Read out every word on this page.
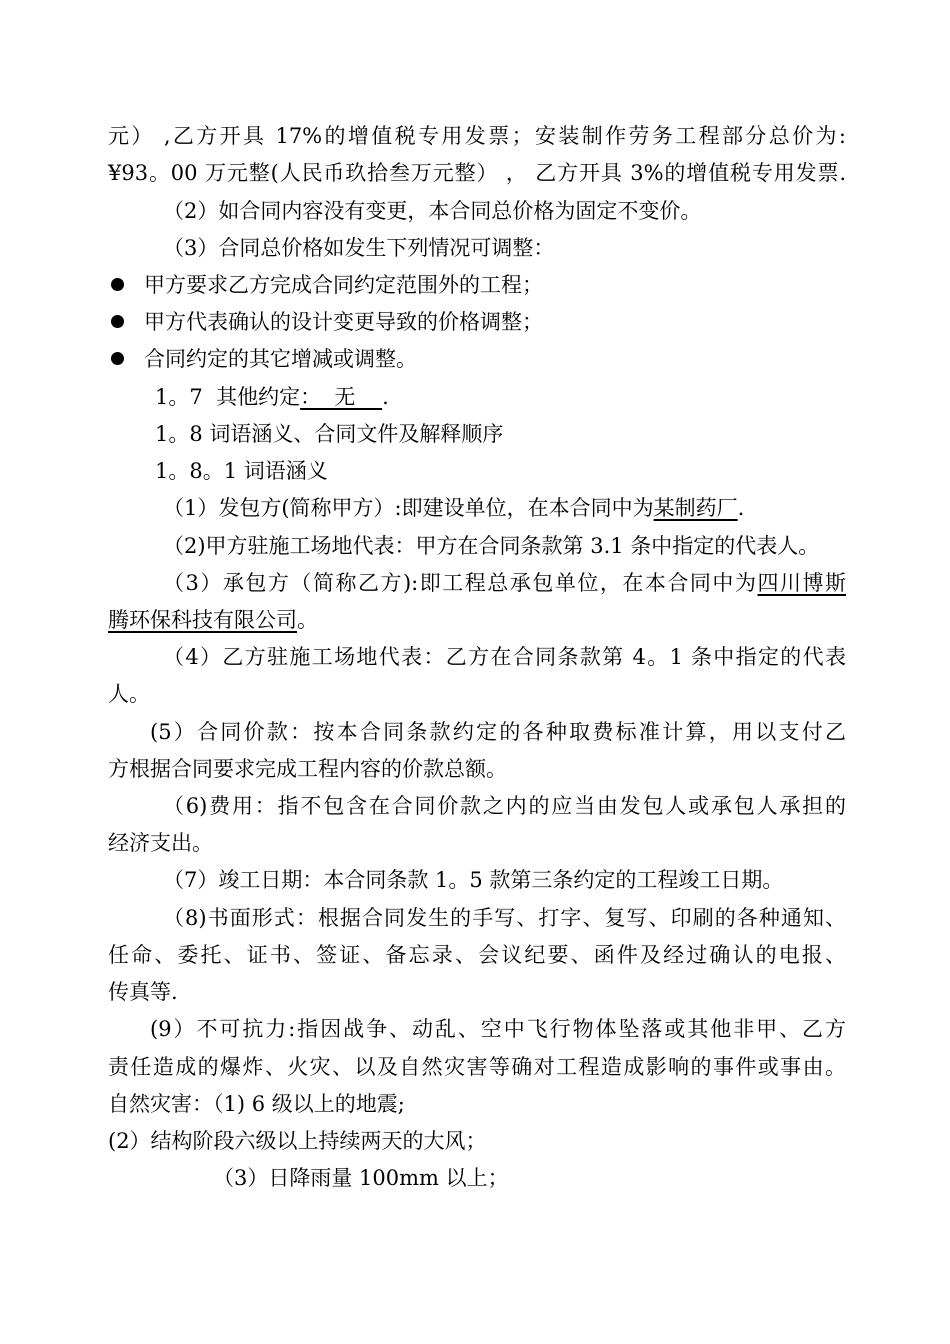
元） ,乙方开具 17%的增值税专用发票；安装制作劳务工程部分总价为:
¥93。00 万元整(人民币玖拾叁万元整） ， 乙方开具 3%的增值税专用发票.
（2）如合同内容没有变更，本合同总价格为固定不变价。
（3）合同总价格如发生下列情况可调整：
甲方要求乙方完成合同约定范围外的工程；
甲方代表确认的设计变更导致的价格调整；
合同约定的其它增减或调整。
1。7  其他约定：  无    .
1。8 词语涵义、合同文件及解释顺序
1。8。1 词语涵义
（1）发包方(简称甲方）:即建设单位，在本合同中为某制药厂.
（2)甲方驻施工场地代表：甲方在合同条款第 3.1 条中指定的代表人。
（3）承包方（简称乙方):即工程总承包单位，在本合同中为四川博斯
腾环保科技有限公司。
（4）乙方驻施工场地代表：乙方在合同条款第 4。1 条中指定的代表
人。
(5）合同价款：按本合同条款约定的各种取费标准计算，用以支付乙
方根据合同要求完成工程内容的价款总额。
（6)费用：指不包含在合同价款之内的应当由发包人或承包人承担的
经济支出。
（7）竣工日期：本合同条款 1。5 款第三条约定的工程竣工日期。
（8)书面形式：根据合同发生的手写、打字、复写、印刷的各种通知、
任命、委托、证书、签证、备忘录、会议纪要、函件及经过确认的电报、
传真等.
(9）不可抗力:指因战争、动乱、空中飞行物体坠落或其他非甲、乙方
责任造成的爆炸、火灾、以及自然灾害等确对工程造成影响的事件或事由。
自然灾害：（1) 6 级以上的地震;
(2）结构阶段六级以上持续两天的大风；
（3）日降雨量 100mm 以上；
